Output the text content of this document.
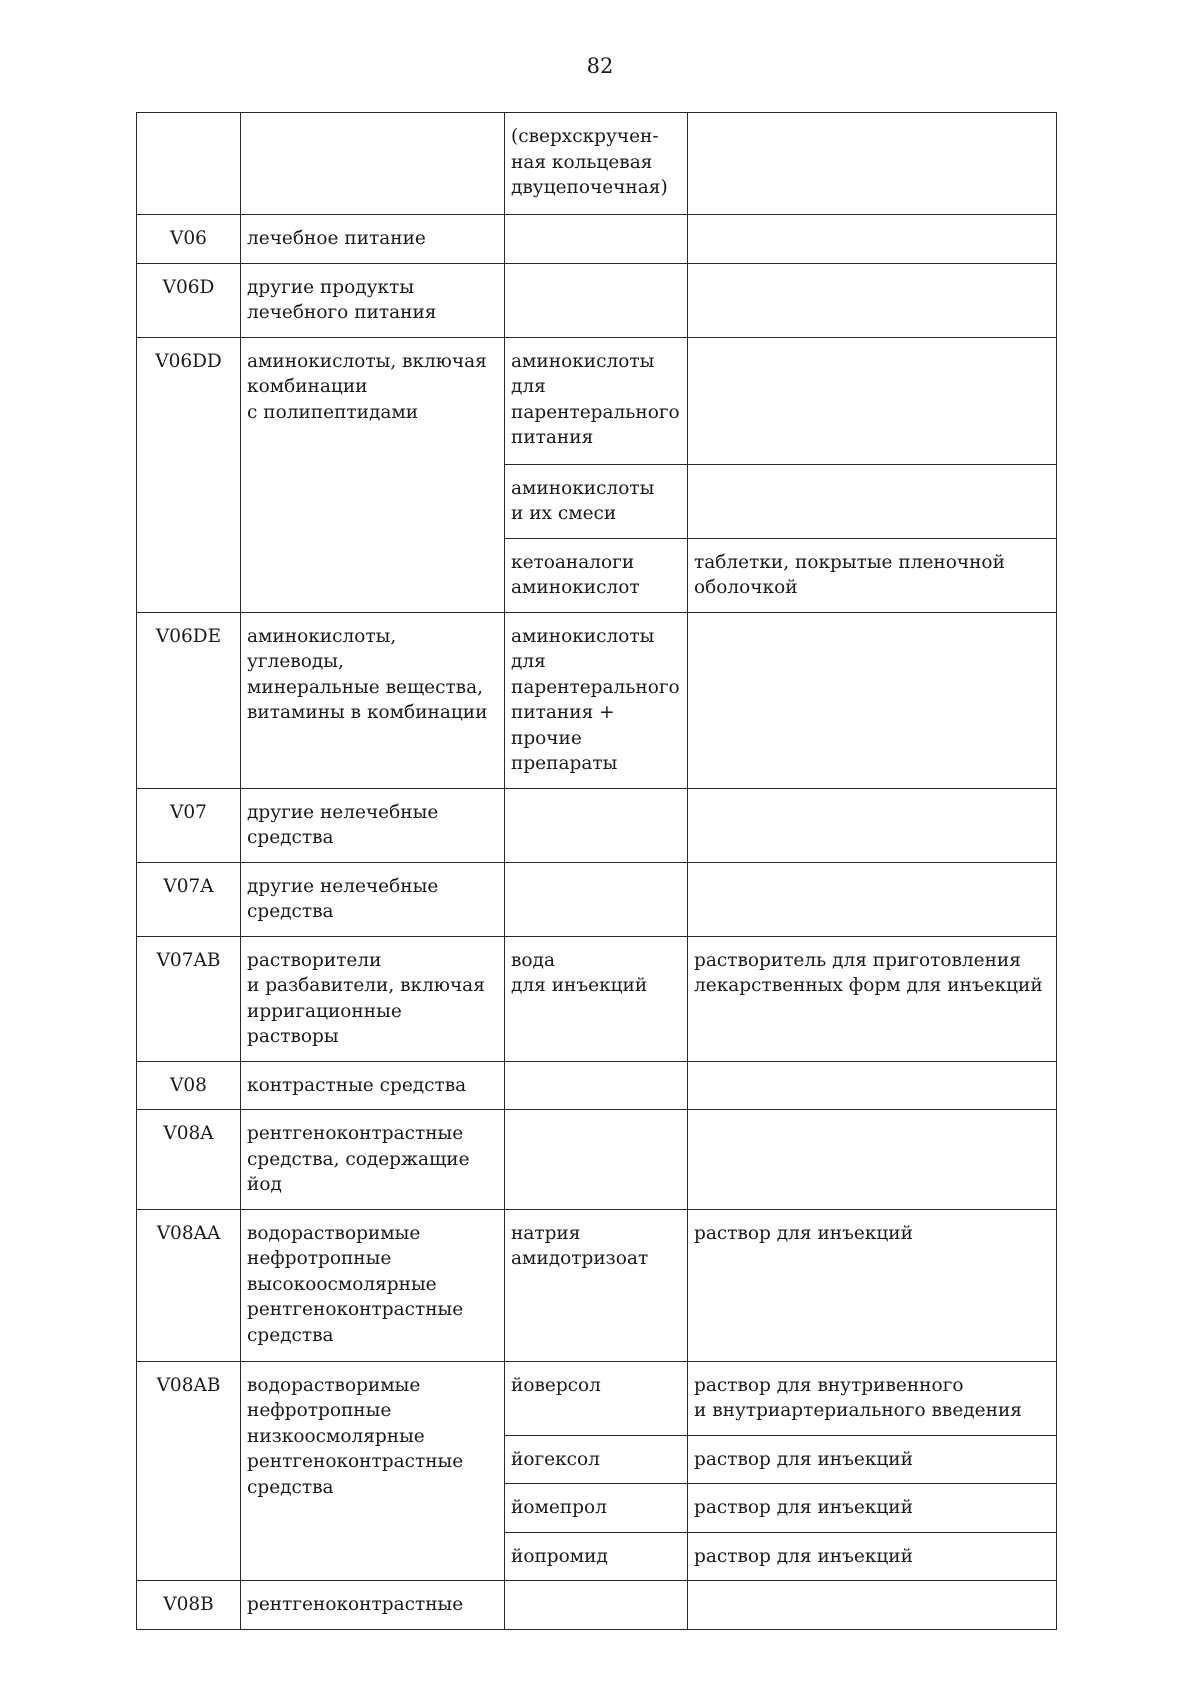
82
		(сверхскручен-
ная кольцевая
двуцепочечная)	
V06	лечебное питание		
V06D	другие продукты
лечебного питания		
V06DD	аминокислоты, включая
комбинации
с полипептидами	аминокислоты
для
парентерального
питания	
		аминокислоты
и их смеси	
		кетоаналоги
аминокислот	таблетки, покрытые пленочной
оболочкой
V06DE	аминокислоты, углеводы,
минеральные вещества,
витамины в комбинации	аминокислоты
для
парентерального
питания + прочие
препараты	
V07	другие нелечебные
средства		
V07A	другие нелечебные
средства		
V07AB	растворители
и разбавители, включая
ирригационные растворы	вода
для инъекций	растворитель для приготовления
лекарственных форм для инъекций
V08	контрастные средства		
V08A	рентгеноконтрастные
средства, содержащие йод		
V08AA	водорастворимые
нефротропные
высокоосмолярные
рентгеноконтрастные
средства	натрия
амидотризоат	раствор для инъекций
V08AB	водорастворимые
нефротропные
низкоосмолярные
рентгеноконтрастные
средства	йоверсол	раствор для внутривенного
и внутриартериального введения
		йогексол	раствор для инъекций
		йомепрол	раствор для инъекций
		йопромид	раствор для инъекций
V08B	рентгеноконтрастные		
